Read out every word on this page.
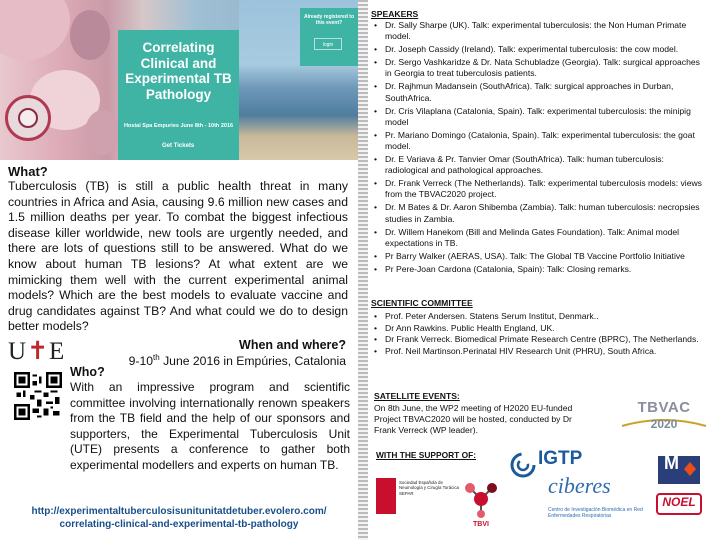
Correlating Clinical and Experimental TB Pathology
Hostal Spa Empuries June 8th - 10th 2016
Get Tickets
Already registered to this event?
login
What?
Tuberculosis (TB) is still a public health threat in many countries in Africa and Asia, causing 9.6 million new cases and 1.5 million deaths per year. To combat the biggest infectious disease killer worldwide, new tools are urgently needed, and there are lots of questions still to be answered. What do we know about human TB lesions? At what extent are we mimicking them well with the current experimental animal models? Which are the best models to evaluate vaccine and drug candidates against TB? And what could we do to design better models?
U✝E	When and where?
9-10th June 2016 in Empúries, Catalonia
Who?
With an impressive program and scientific committee involving internationally renown speakers from the TB field and the help of our sponsors and supporters, the Experimental Tuberculosis Unit (UTE) presents a conference to gather both experimental modellers and experts on human TB.
http://experimentaltuberculosisunitunitatdetuber.evolero.com/
correlating-clinical-and-experimental-tb-pathology
SPEAKERS
• Dr. Sally Sharpe (UK). Talk: experimental tuberculosis: the Non Human Primate model.
• Dr. Joseph Cassidy (Ireland). Talk: experimental tuberculosis: the cow model.
• Dr. Sergo Vashkaridze & Dr. Nata Schubladze (Georgia). Talk: surgical approaches in Georgia to treat tuberculosis patients.
• Dr. Rajhmun Madansein (SouthAfrica). Talk: surgical approaches in Durban, SouthAfrica.
• Dr. Cris Vilaplana (Catalonia, Spain). Talk: experimental tuberculosis: the minipig model
• Pr. Mariano Domingo (Catalonia, Spain). Talk: experimental tuberculosis: the goat model.
• Dr. E Variava & Pr. Tanvier Omar (SouthAfrica). Talk: human tuberculosis: radiological and pathological approaches.
• Dr. Frank Verreck (The Netherlands). Talk: experimental tuberculosis models: views from the TBVAC2020 project.
• Dr. M Bates & Dr. Aaron Shibemba (Zambia). Talk: human tuberculosis: necropsies studies in Zambia.
• Dr. Willem Hanekom (Bill and Melinda Gates Foundation). Talk: Animal model expectations in TB.
• Pr Barry Walker (AERAS, USA). Talk: The Global TB Vaccine Portfolio Initiative
• Pr Pere-Joan Cardona (Catalonia, Spain): Talk: Closing remarks.
SCIENTIFIC COMMITTEE
• Prof. Peter Andersen. Statens Serum Institut, Denmark..
• Dr Ann Rawkins. Public Health England, UK.
• Dr Frank Verreck. Biomedical Primate Research Centre (BPRC), The Netherlands.
• Prof. Neil Martinson.Perinatal HIV Research Unit (PHRU), South Africa.
SATELLITE EVENTS:
On 8th June, the WP2 meeting of H2020 EU-funded Project TBVAC2020 will be hosted, conducted by Dr Frank Verreck (WP leader).
WITH THE SUPPORT OF:
TBVAC
2020
IGTP	M
NOEL
Sociedad Española de Neumología y Cirugía Torácica SEPAR
TBVI
ciberes
Centro de Investigación Biomédica en Red Enfermedades Respiratorias
